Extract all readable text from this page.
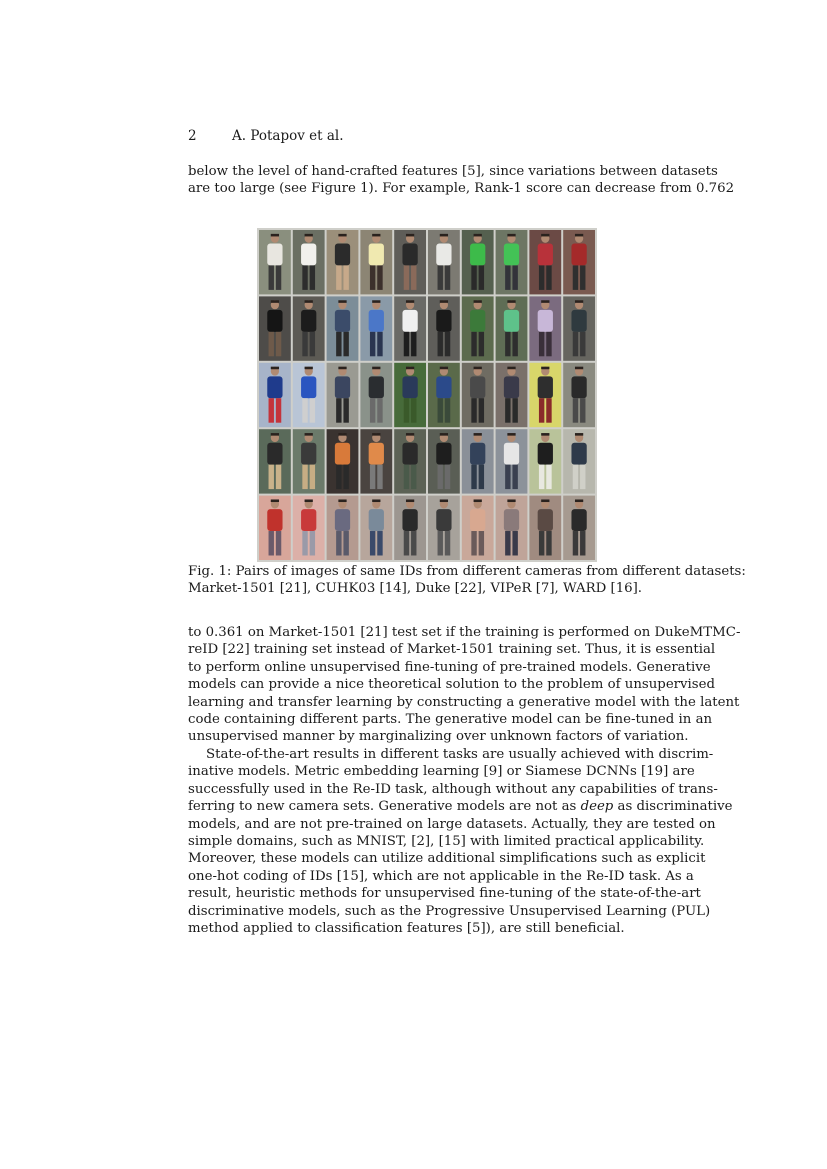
2	A. Potapov et al.

below the level of hand-crafted features [5], since variations between datasets
are too large (see Figure 1). For example, Rank-1 score can decrease from 0.762

Fig. 1: Pairs of images of same IDs from different cameras from different datasets:
Market-1501 [21], CUHK03 [14], Duke [22], VIPeR [7], WARD [16].

to 0.361 on Market-1501 [21] test set if the training is performed on DukeMTMC-
reID [22] training set instead of Market-1501 training set. Thus, it is essential
to perform online unsupervised fine-tuning of pre-trained models. Generative
models can provide a nice theoretical solution to the problem of unsupervised
learning and transfer learning by constructing a generative model with the latent
code containing different parts. The generative model can be fine-tuned in an
unsupervised manner by marginalizing over unknown factors of variation.

State-of-the-art results in different tasks are usually achieved with discrim-
inative models. Metric embedding learning [9] or Siamese DCNNs [19] are
successfully used in the Re-ID task, although without any capabilities of trans-
ferring to new camera sets. Generative models are not as deep as discriminative
models, and are not pre-trained on large datasets. Actually, they are tested on
simple domains, such as MNIST, [2], [15] with limited practical applicability.
Moreover, these models can utilize additional simplifications such as explicit
one-hot coding of IDs [15], which are not applicable in the Re-ID task. As a
result, heuristic methods for unsupervised fine-tuning of the state-of-the-art
discriminative models, such as the Progressive Unsupervised Learning (PUL)
method applied to classification features [5]), are still beneficial.
